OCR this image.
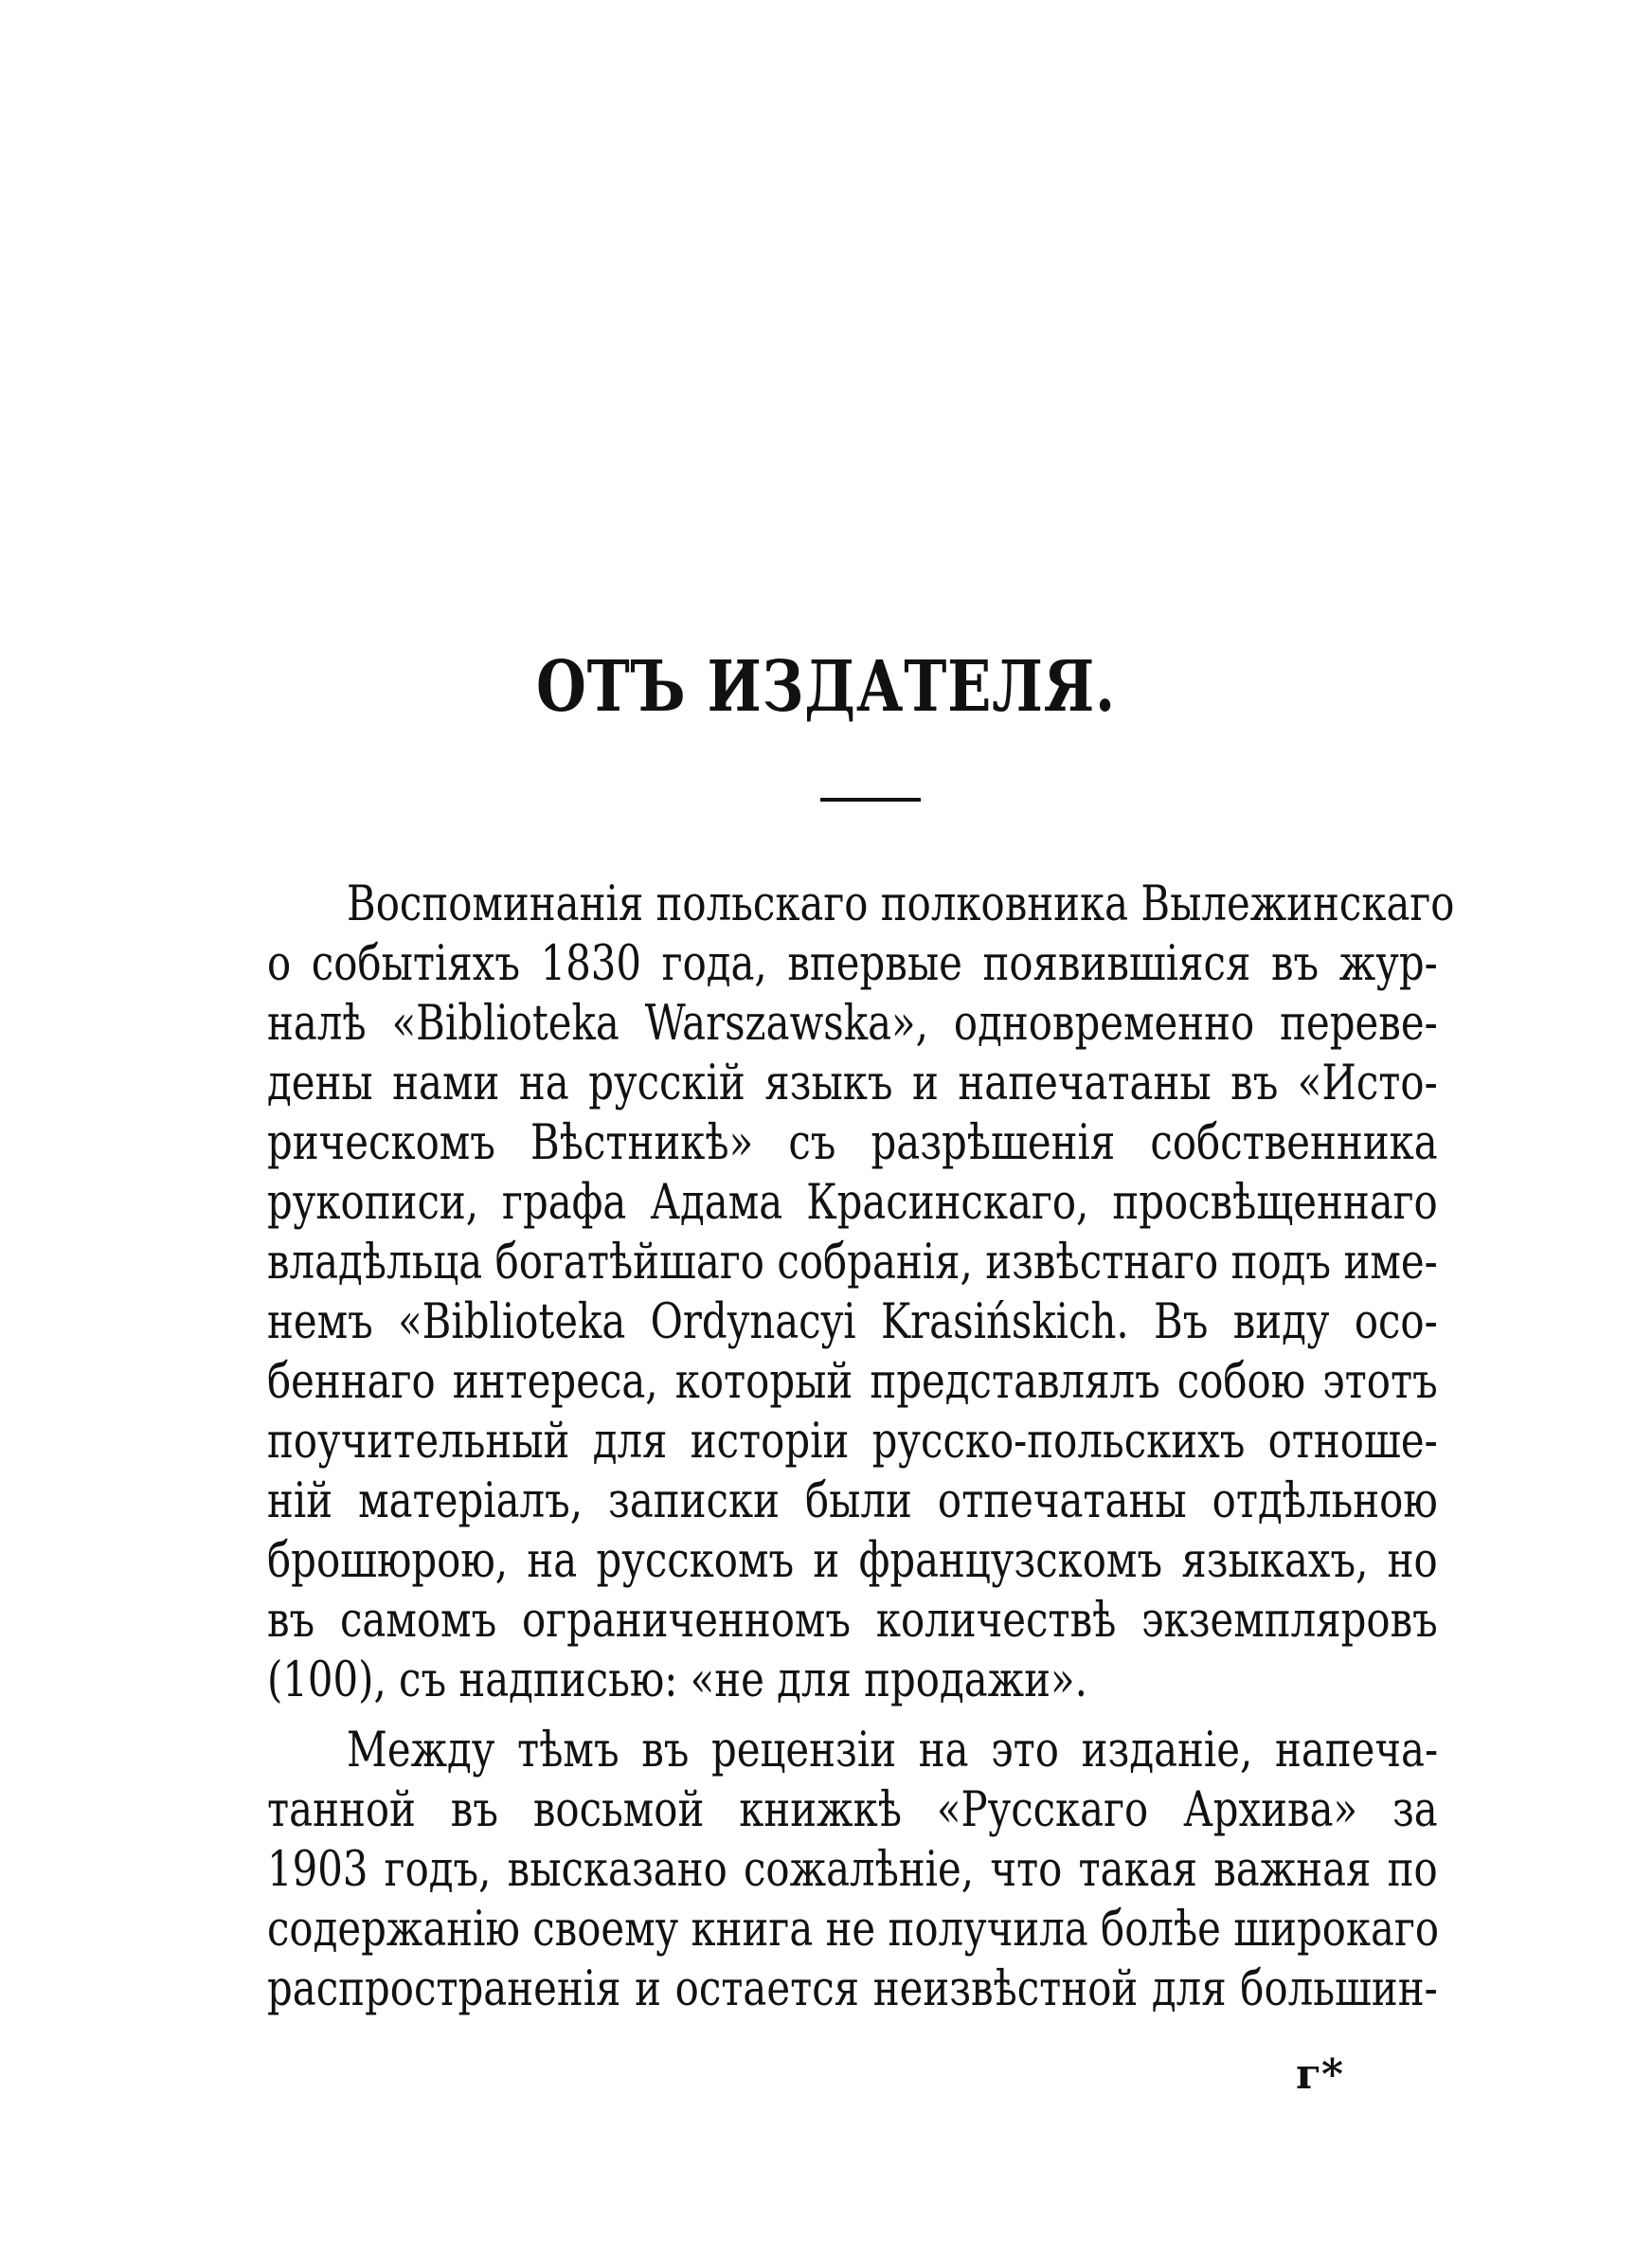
ОТЪ ИЗДАТЕЛЯ.
Воспоминанія польскаго полковника Вылежинскаго
о событіяхъ 1830 года, впервые появившіяся въ жур-
налѣ «Biblioteka Warszawska», одновременно переве-
дены нами на русскій языкъ и напечатаны въ «Исто-
рическомъ Вѣстникѣ» съ разрѣшенія собственника
рукописи, графа Адама Красинскаго, просвѣщеннаго
владѣльца богатѣйшаго собранія, извѣстнаго подъ име-
немъ «Biblioteka Ordynacyi Krasińskich. Въ виду осо-
беннаго интереса, который представлялъ собою этотъ
поучительный для исторіи русско-польскихъ отноше-
ній матеріалъ, записки были отпечатаны отдѣльною
брошюрою, на русскомъ и французскомъ языкахъ, но
въ самомъ ограниченномъ количествѣ экземпляровъ
(100), съ надписью: «не для продажи».
Между тѣмъ въ рецензіи на это изданіе, напеча-
танной въ восьмой книжкѣ «Русскаго Архива» за
1903 годъ, высказано сожалѣніе, что такая важная по
содержанію своему книга не получила болѣе широкаго
распространенія и остается неизвѣстной для большин-
г*
